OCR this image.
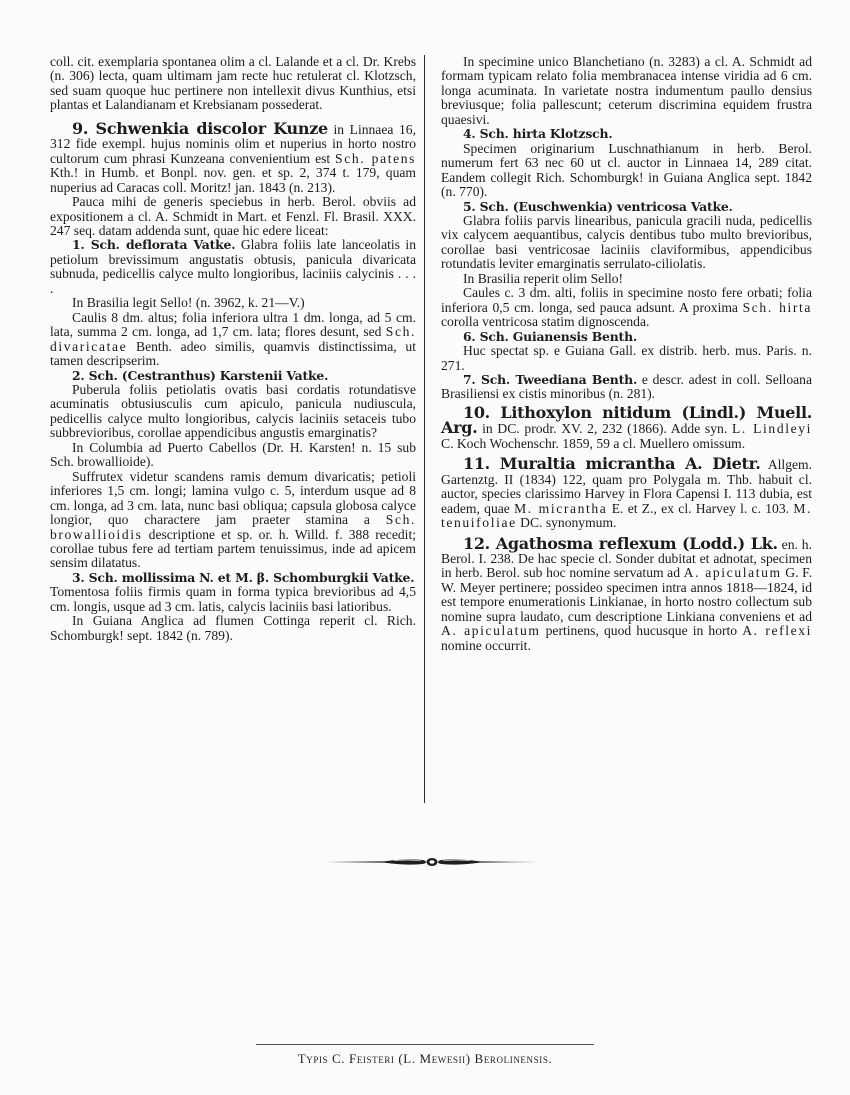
coll. cit. exemplaria spontanea olim a cl. Lalande et a cl. Dr. Krebs (n. 306) lecta, quam ultimam jam recte huc retulerat cl. Klotzsch, sed suam quoque huc pertinere non intellexit divus Kunthius, etsi plantas et Lalandianam et Krebsianam possederat.

9. Schwenkia discolor Kunze in Linnaea 16, 312 fide exempl. hujus nominis olim et nuperius in horto nostro cultorum cum phrasi Kunzeana convenientium est Sch. patens Kth.! in Humb. et Bonpl. nov. gen. et sp. 2, 374 t. 179, quam nuperius ad Caracas coll. Moritz! jan. 1843 (n. 213).

Pauca mihi de generis speciebus in herb. Berol. obviis ad expositionem a cl. A. Schmidt in Mart. et Fenzl. Fl. Brasil. XXX. 247 seq. datam addenda sunt, quae hic edere liceat:

1. Sch. deflorata Vatke. Glabra foliis late lanceolatis in petiolum brevissimum angustatis obtusis, panicula divaricata subnuda, pedicellis calyce multo longioribus, laciniis calycinis . . . .

In Brasilia legit Sello! (n. 3962, k. 21—V.)

Caulis 8 dm. altus; folia inferiora ultra 1 dm. longa, ad 5 cm. lata, summa 2 cm. longa, ad 1,7 cm. lata; flores desunt, sed Sch. divaricatae Benth. adeo similis, quamvis distinctissima, ut tamen descripserim.

2. Sch. (Cestranthus) Karstenii Vatke.

Puberula foliis petiolatis ovatis basi cordatis rotundatisve acuminatis obtusiusculis cum apiculo, panicula nudiuscula, pedicellis calyce multo longioribus, calycis laciniis setaceis tubo subbrevioribus, corollae appendicibus angustis emarginatis?

In Columbia ad Puerto Cabellos (Dr. H. Karsten! n. 15 sub Sch. browallioide).

Suffrutex videtur scandens ramis demum divaricatis; petioli inferiores 1,5 cm. longi; lamina vulgo c. 5, interdum usque ad 8 cm. longa, ad 3 cm. lata, nunc basi obliqua; capsula globosa calyce longior, quo charactere jam praeter stamina a Sch. browallioidis descriptione et sp. or. h. Willd. f. 388 recedit; corollae tubus fere ad tertiam partem tenuissimus, inde ad apicem sensim dilatatus.

3. Sch. mollissima N. et M. β. Schomburgkii Vatke.

Tomentosa foliis firmis quam in forma typica brevioribus ad 4,5 cm. longis, usque ad 3 cm. latis, calycis laciniis basi latioribus.

In Guiana Anglica ad flumen Cottinga reperit cl. Rich. Schomburgk! sept. 1842 (n. 789).

In specimine unico Blanchetiano (n. 3283) a cl. A. Schmidt ad formam typicam relato folia membranacea intense viridia ad 6 cm. longa acuminata. In varietate nostra indumentum paullo densius breviusque; folia pallescunt; ceterum discrimina equidem frustra quaesivi.

4. Sch. hirta Klotzsch.

Specimen originarium Luschnathianum in herb. Berol. numerum fert 63 nec 60 ut cl. auctor in Linnaea 14, 289 citat. Eandem collegit Rich. Schomburgk! in Guiana Anglica sept. 1842 (n. 770).

5. Sch. (Euschwenkia) ventricosa Vatke.

Glabra foliis parvis linearibus, panicula gracili nuda, pedicellis vix calycem aequantibus, calycis dentibus tubo multo brevioribus, corollae basi ventricosae laciniis claviformibus, appendicibus rotundatis leviter emarginatis serrulato-ciliolatis.

In Brasilia reperit olim Sello!

Caules c. 3 dm. alti, foliis in specimine nosto fere orbati; folia inferiora 0,5 cm. longa, sed pauca adsunt. A proxima Sch. hirta corolla ventricosa statim dignoscenda.

6. Sch. Guianensis Benth.

Huc spectat sp. e Guiana Gall. ex distrib. herb. mus. Paris. n. 271.

7. Sch. Tweediana Benth. e descr. adest in coll. Selloana Brasiliensi ex cistis minoribus (n. 281).

10. Lithoxylon nitidum (Lindl.) Muell. Arg. in DC. prodr. XV. 2, 232 (1866). Adde syn. L. Lindleyi C. Koch Wochenschr. 1859, 59 a cl. Muellero omissum.

11. Muraltia micrantha A. Dietr. Allgem. Gartenztg. II (1834) 122, quam pro Polygala m. Thb. habuit cl. auctor, species clarissimo Harvey in Flora Capensi I. 113 dubia, est eadem, quae M. micrantha E. et Z., ex cl. Harvey l. c. 103. M. tenuifoliae DC. synonymum.

12. Agathosma reflexum (Lodd.) Lk. en. h. Berol. I. 238. De hac specie cl. Sonder dubitat et adnotat, specimen in herb. Berol. sub hoc nomine servatum ad A. apiculatum G. F. W. Meyer pertinere; possideo specimen intra annos 1818—1824, id est tempore enumerationis Linkianae, in horto nostro collectum sub nomine supra laudato, cum descriptione Linkiana conveniens et ad A. apiculatum pertinens, quod hucusque in horto A. reflexi nomine occurrit.

Typis C. Feisteri (L. Mewesii) Berolinensis.
